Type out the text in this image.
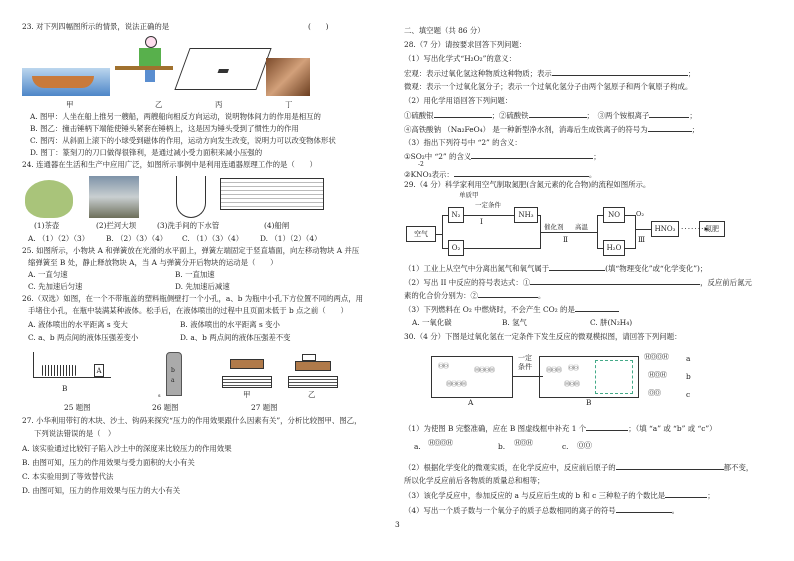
23. 对下列四幅图所示的情景，说法正确的是	(　　)
甲	乙	丙	丁
A. 图甲：人坐在船上推另一艘船，两艘船向相反方向运动，说明物体间力的作用是相互的
B. 图乙：撞击锤柄下端能使锤头紧套在锤柄上，这是因为锤头受到了惯性力的作用
C. 图丙：从斜面上滚下的小球受到磁体的作用，运动方向发生改变，说明力可以改变物体形状
D. 图丁：篆刻刀的刀口做得很锋利，是通过减小受力面积来减小压强的
24. 连通器在生活和生产中应用广泛，如图所示事例中是利用连通器原理工作的是（　　）
(1)茶壶	(2)拦河大坝	(3)洗手间的下水管	(4)船闸
A. （1）（2）（3） B. （2）（3）（4） C. （1）（3）（4） D. （1）（2）（4）
25. 如图所示，小物块 A 和弹簧放在光滑的水平面上，弹簧左端固定于竖直墙面，向左移动物块 A 并压
缩弹簧至 B 处，静止释放物块 A，当 A 与弹簧分开后物块的运动是（　　）
A. 一直匀速	B. 一直加速
C. 先加速后匀速	D. 先加速后减速
26.（双选）如图，在一个不带瓶盖的塑料瓶侧壁打一个小孔，a、b 为瓶中小孔下方位置不同的两点，用
手堵住小孔，在瓶中装满某种液体。松手后，在液体喷出的过程中且页面未低于 b 点之前（　　）
A. 液体喷出的水平距离 s 变大	B. 液体喷出的水平距离 s 变小
C. a、b 两点间的液体压强差变小	D. a、b 两点间的液体压强差不变
A
B
b
a
s	甲	乙
25 题图	26 题图	27 题图
27. 小华利用带钉的木块、沙土、钩码来探究“压力的作用效果跟什么因素有关”，分析比较图甲、图乙，
下列说法错误的是（　）
A. 该实验通过比较钉子陷入沙土中的深度来比较压力的作用效果
B. 由图可知，压力的作用效果与受力面积的大小有关
C. 本实验用到了等效替代法
D. 由图可知，压力的作用效果与压力的大小有关
3
二、填空题（共 86 分）
28.（7 分）请按要求回答下列问题：
（1）写出化学式“H₂O₂”的意义：
宏观：表示过氧化氢这种物质这种物质；表示	；
微观：表示一个过氧化氢分子；表示一个过氧化氢分子由两个氢原子和两个氧原子构成。
（2）用化学用语回答下列问题：
①硫酸银	；②硫酸铁	；　③两个铵根离子	；
④高铁酸钠 （Na₂FeO₄） 是一种新型净水剂，消毒后生成铁离子的符号为	；
（3）指出下列符号中 “2” 的含义：
①SO₂中 “2” 的含义	；
-2
②KNO₃表示：	。
29.（4 分）科学家利用空气制取氮肥(含氮元素的化合物)的流程如图所示。
空气
N₂
O₂
NH₃	NO
H₂O
HNO₃	氮肥
·······▸
单质甲
一定条件
Ⅰ
催化剂 高温
Ⅱ
O₂
Ⅲ
（1）工业上从空气中分离出氮气和氧气属于	(填“物理变化”或“化学变化”)；
（2）写出 II 中反应的符号表达式：①	，反应前后氮元
素的化合价分别为：②	。
（3）下列燃料在 O₂ 中燃烧时，不会产生 CO₂ 的是
A. 一氧化碳	B. 氢气	C. 肼(N₂H₄)
30.（4 分）下图是过氧化氢在一定条件下发生反应的微观模拟图，请回答下列问题：
ⓄⓄ
ⒽⓄⓄⒽ
ⒽⓄⓄⒽ
A
一定
条件 ⒽⓄⒽ ⓄⓄ
ⒽⓄⒽ
B
ⒽⓄⓄⒽ
ⒽⓄⒽ
ⓄⓄ
a
b
c
（1）为使图 B 完整准确，应在 B 图虚线框中补充 1 个	；（填 “a” 或 “b” 或 “c”）
a. ⒽⓄⓄⒽ	b. ⒽⓄⒽ	c. ⓄⓄ
（2）根据化学变化的微观实质，在化学反应中，反应前后原子的	都不变，
所以化学反应前后各物质的质量总和相等；
（3）该化学反应中，参加反应的 a 与反应后生成的 b 和 c 三种粒子的个数比是	；
（4）写出一个质子数与一个氧分子的质子总数相同的离子的符号	。
